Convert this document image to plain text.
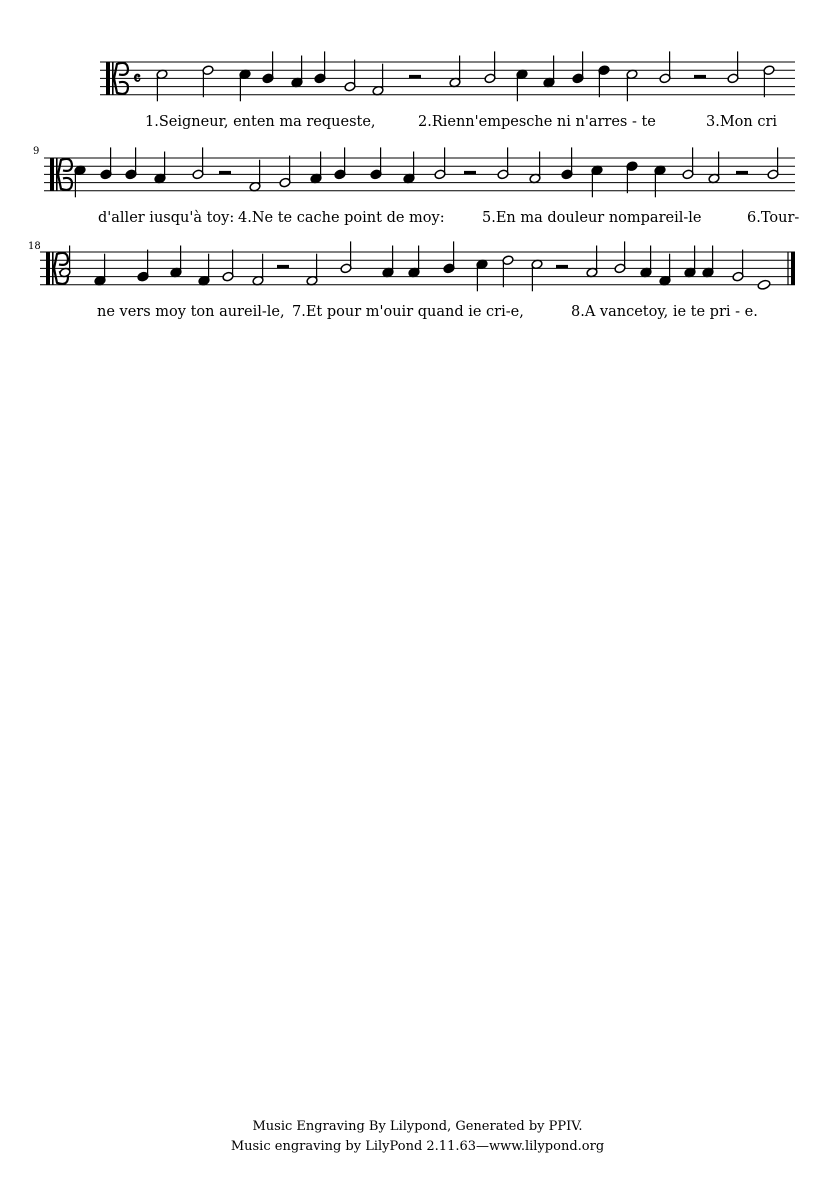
𝄴
1.Seigneur, enten ma requeste,	2.Rienn'empesche ni n'arres - te	3.Mon cri
9
d'aller iusqu'à toy: 4.Ne te cache point de moy:	5.En ma douleur nompareil-le	6.Tour-
18
ne vers moy ton aureil-le, 7.Et pour m'ouir quand ie cri-e,	8.A vancetoy, ie te pri - e.
Music Engraving By Lilypond, Generated by PPIV.
Music engraving by LilyPond 2.11.63—www.lilypond.org
